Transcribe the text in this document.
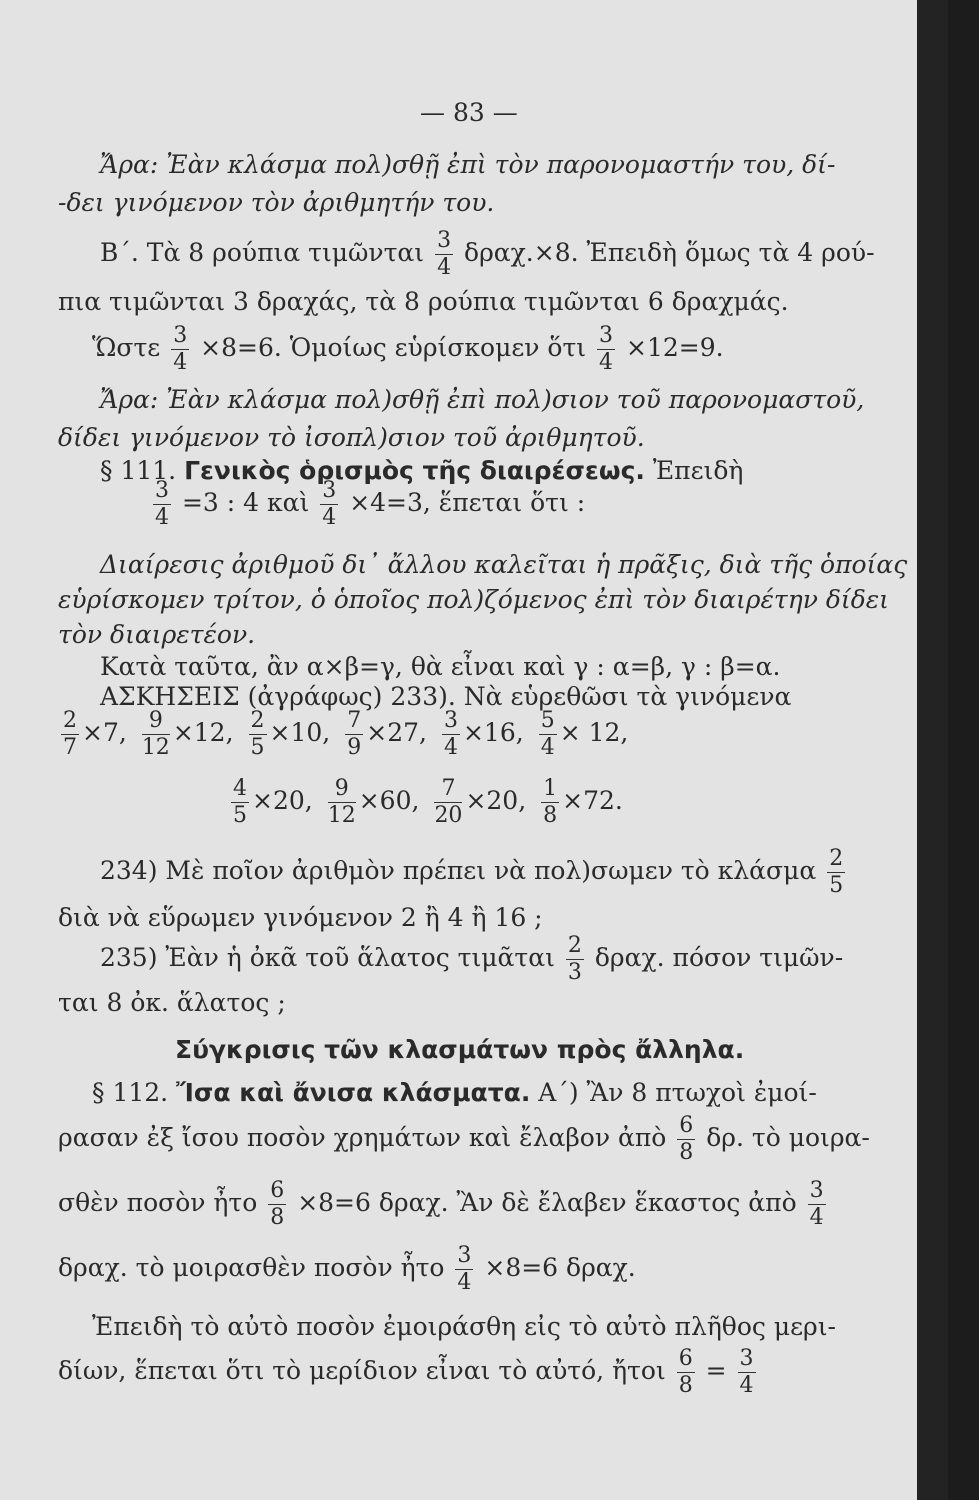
— 83 —
Ἄρα: Ἐὰν κλάσμα πολ)σθῇ ἐπὶ τὸν παρονομαστήν του, δί-
-δει γινόμενον τὸν ἀριθμητήν του.
Β΄. Τὰ 8 ρούπια τιμῶνται $\frac{3}{4} \delta\rho\alpha\chi.\times 8$. Ἐπειδὴ ὅμως τὰ 4 ρού-
πια τιμῶνται 3 δραχάς, τὰ 8 ρούπια τιμῶνται 6 δραχμάς.
Ὥστε $\frac{3}{4} \times 8=6$. Ὁμοίως εὑρίσκομεν ὅτι $\frac{3}{4} \times 12=9$.
Ἄρα: Ἐὰν κλάσμα πολ)σθῇ ἐπὶ πολ)σιον τοῦ παρονομαστοῦ,
δίδει γινόμενον τὸ ἰσοπλ)σιον τοῦ ἀριθμητοῦ.
§ 111. Γενικὸς ὁρισμὸς τῆς διαιρέσεως. Ἐπειδὴ
$\frac{3}{4} =3$ : 4 καὶ $\frac{3}{4} \times 4=3$, ἕπεται ὅτι :
Διαίρεσις ἀριθμοῦ δι᾽ ἄλλου καλεῖται ἡ πρᾶξις, διὰ τῆς ὁποίας
εὑρίσκομεν τρίτον, ὁ ὁποῖος πολ)ζόμενος ἐπὶ τὸν διαιρέτην δίδει
τὸν διαιρετέον.
Κατὰ ταῦτα, ἂν α×β=γ, θὰ εἶναι καὶ γ : α=β, γ : β=α.
ΑΣΚΗΣΕΙΣ (ἀγράφως) 233). Νὰ εὑρεθῶσι τὰ γινόμενα
$\frac{2}{7} \times 7$, $\frac{9}{12} \times 12$, $\frac{2}{5} \times 10$, $\frac{7}{9} \times 27$, $\frac{3}{4} \times 16$, $\frac{5}{4} \times 12$,
$\frac{4}{5} \times 20$, $\frac{9}{12} \times 60$, $\frac{7}{20} \times 20$, $\frac{1}{8} \times 72$.
234) Μὲ ποῖον ἀριθμὸν πρέπει νὰ πολ)σωμεν τὸ κλάσμα $\frac{2}{5}$
διὰ νὰ εὕρωμεν γινόμενον 2 ἢ 4 ἢ 16 ;
235) Ἐὰν ἡ ὀκᾶ τοῦ ἅλατος τιμᾶται $\frac{2}{3} \delta\rho\alpha\chi$. πόσον τιμῶν-
ται 8 ὀκ. ἅλατος ;
Σύγκρισις τῶν κλασμάτων πρὸς ἄλληλα.
§ 112. Ἴσα καὶ ἄνισα κλάσματα. Α΄) Ἂν 8 πτωχοὶ ἐμοί-
ρασαν ἐξ ἴσου ποσὸν χρημάτων καὶ ἔλαβον ἀπὸ $\frac{6}{8} \delta\rho$. τὸ μοιρα-
σθὲν ποσὸν ἦτο $\frac{6}{8} \times 8=6$ δραχ. Ἂν δὲ ἔλαβεν ἕκαστος ἀπὸ $\frac{3}{4}$
δραχ. τὸ μοιρασθὲν ποσὸν ἦτο $\frac{3}{4} \times 8=6$ δραχ.
Ἐπειδὴ τὸ αὐτὸ ποσὸν ἐμοιράσθη εἰς τὸ αὐτὸ πλῆθος μερι-
δίων, ἕπεται ὅτι τὸ μερίδιον εἶναι τὸ αὐτό, ἤτοι $\frac{6}{8} = \frac{3}{4}$
